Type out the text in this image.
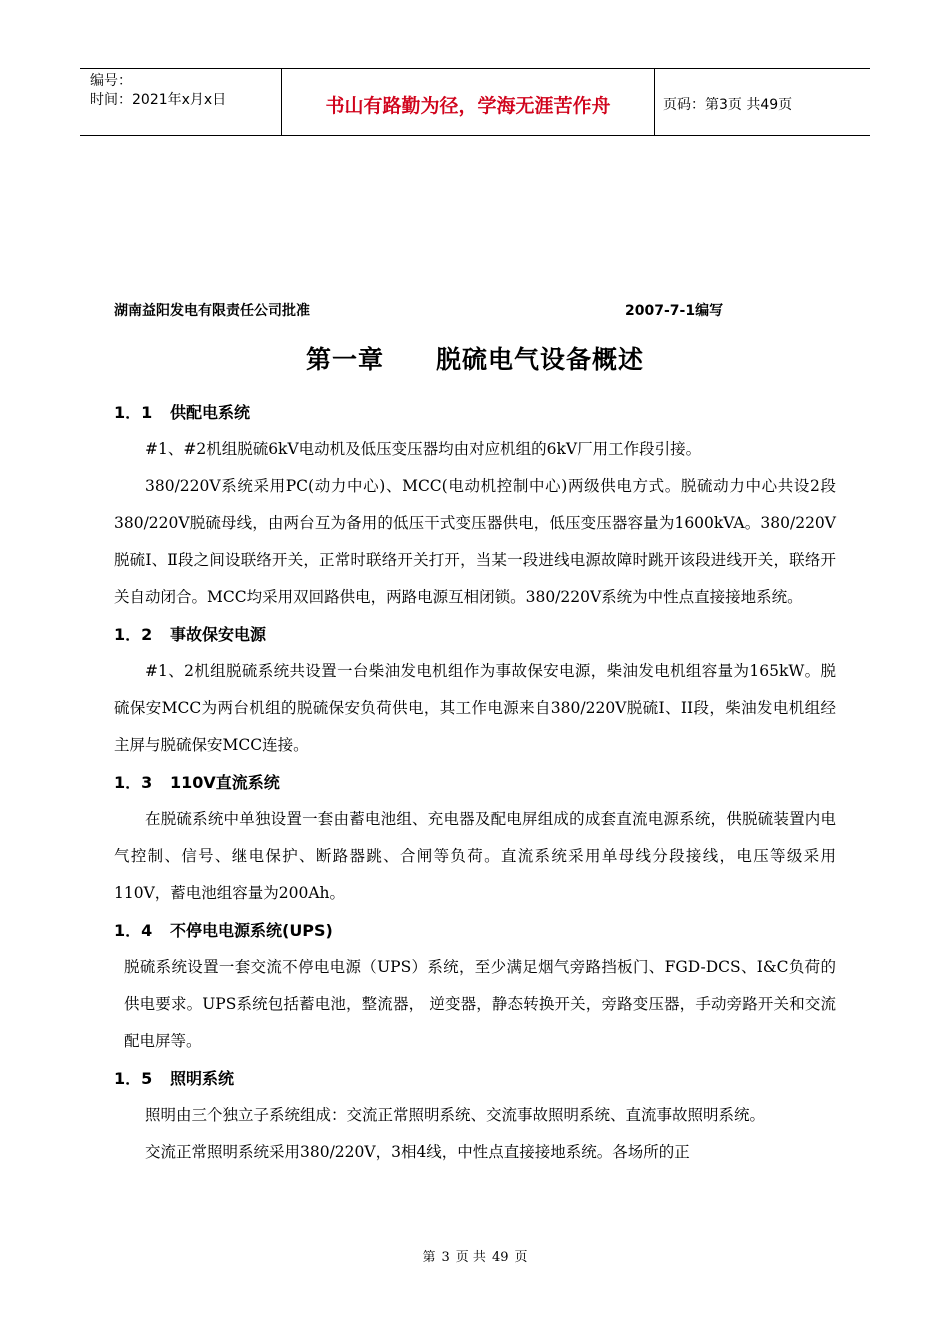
编号：
时间：2021年x月x日	书山有路勤为径，学海无涯苦作舟	页码：第3页 共49页
湖南益阳发电有限责任公司批准	2007-7-1编写
第一章 脱硫电气设备概述
1．1 供配电系统

#1、#2机组脱硫6kV电动机及低压变压器均由对应机组的6kV厂用工作段引接。

380/220V系统采用PC(动力中心)、MCC(电动机控制中心)两级供电方式。脱硫动力中心共设2段380/220V脱硫母线，由两台互为备用的低压干式变压器供电，低压变压器容量为1600kVA。380/220V脱硫Ⅰ、Ⅱ段之间设联络开关，正常时联络开关打开，当某一段进线电源故障时跳开该段进线开关，联络开关自动闭合。MCC均采用双回路供电，两路电源互相闭锁。380/220V系统为中性点直接接地系统。

1．2 事故保安电源

#1、2机组脱硫系统共设置一台柴油发电机组作为事故保安电源，柴油发电机组容量为165kW。脱硫保安MCC为两台机组的脱硫保安负荷供电，其工作电源来自380/220V脱硫I、II段，柴油发电机组经主屏与脱硫保安MCC连接。

1．3 110V直流系统

在脱硫系统中单独设置一套由蓄电池组、充电器及配电屏组成的成套直流电源系统，供脱硫装置内电气控制、信号、继电保护、断路器跳、合闸等负荷。直流系统采用单母线分段接线，电压等级采用110V，蓄电池组容量为200Ah。

1．4 不停电电源系统(UPS)

脱硫系统设置一套交流不停电电源（UPS）系统，至少满足烟气旁路挡板门、FGD-DCS、I&C负荷的供电要求。UPS系统包括蓄电池，整流器， 逆变器，静态转换开关，旁路变压器，手动旁路开关和交流配电屏等。

1．5 照明系统

照明由三个独立子系统组成：交流正常照明系统、交流事故照明系统、直流事故照明系统。

交流正常照明系统采用380/220V，3相4线，中性点直接接地系统。各场所的正

第 3 页 共 49 页
